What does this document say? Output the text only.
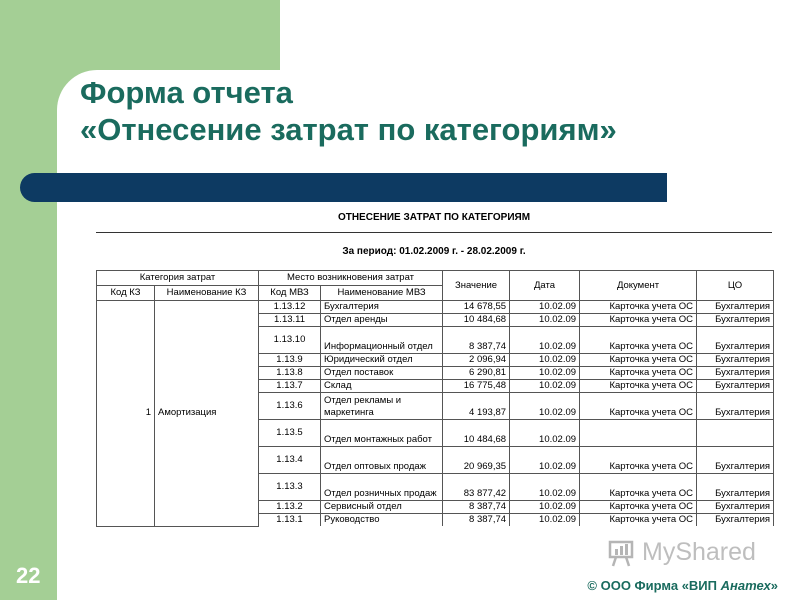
Форма отчета
«Отнесение затрат по категориям»

ОТНЕСЕНИЕ ЗАТРАТ ПО КАТЕГОРИЯМ

За период: 01.02.2009 г. - 28.02.2009 г.

Категория затрат		Место возникновения затрат		Значение	Дата	Документ	ЦО
Код КЗ	Наименование КЗ	Код МВЗ	Наименование МВЗ				
1	Амортизация	1.13.12	Бухгалтерия	14 678,55	10.02.09	Карточка учета ОС	Бухгалтерия
		1.13.11	Отдел аренды	10 484,68	10.02.09	Карточка учета ОС	Бухгалтерия
		1.13.10	Информационный отдел	8 387,74	10.02.09	Карточка учета ОС	Бухгалтерия
		1.13.9	Юридический отдел	2 096,94	10.02.09	Карточка учета ОС	Бухгалтерия
		1.13.8	Отдел поставок	6 290,81	10.02.09	Карточка учета ОС	Бухгалтерия
		1.13.7	Склад	16 775,48	10.02.09	Карточка учета ОС	Бухгалтерия
		1.13.6	Отдел рекламы и маркетинга	4 193,87	10.02.09	Карточка учета ОС	Бухгалтерия
		1.13.5	Отдел монтажных работ	10 484,68	10.02.09		
		1.13.4	Отдел оптовых продаж	20 969,35	10.02.09	Карточка учета ОС	Бухгалтерия
		1.13.3	Отдел розничных продаж	83 877,42	10.02.09	Карточка учета ОС	Бухгалтерия
		1.13.2	Сервисный отдел	8 387,74	10.02.09	Карточка учета ОС	Бухгалтерия
		1.13.1	Руководство	8 387,74	10.02.09	Карточка учета ОС	Бухгалтерия
MyShared

22	© ООО Фирма «ВИП Анатех»
